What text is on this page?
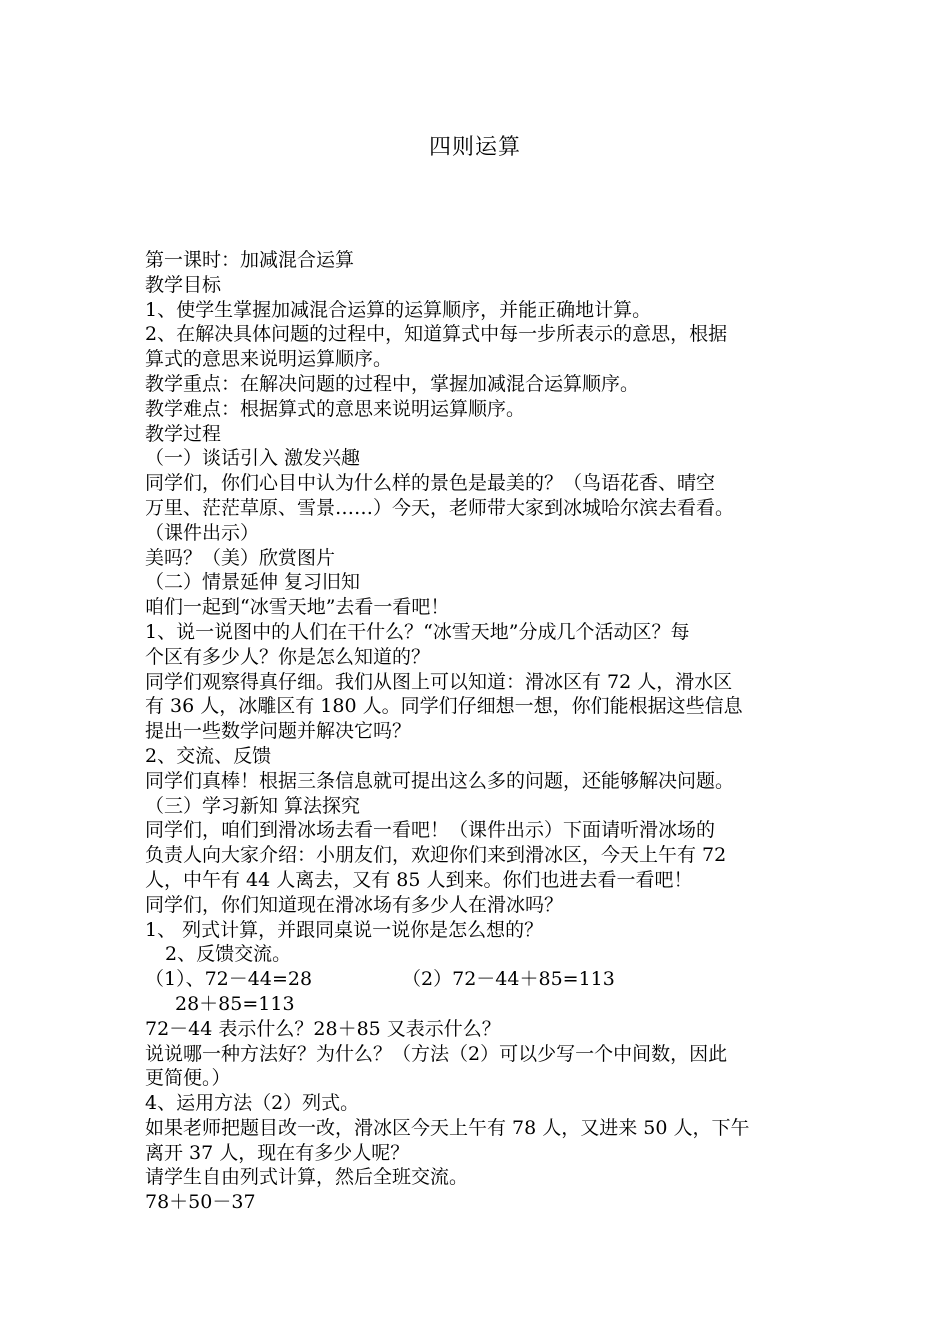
四则运算
第一课时：加减混合运算
教学目标
1、使学生掌握加减混合运算的运算顺序，并能正确地计算。
2、在解决具体问题的过程中，知道算式中每一步所表示的意思，根据
算式的意思来说明运算顺序。
教学重点：在解决问题的过程中，掌握加减混合运算顺序。
教学难点：根据算式的意思来说明运算顺序。
教学过程
（一）谈话引入 激发兴趣
同学们，你们心目中认为什么样的景色是最美的？（鸟语花香、晴空
万里、茫茫草原、雪景……）今天，老师带大家到冰城哈尔滨去看看。
（课件出示）
美吗？（美）欣赏图片
（二）情景延伸 复习旧知
咱们一起到“冰雪天地”去看一看吧！
1、说一说图中的人们在干什么？“冰雪天地”分成几个活动区？每
个区有多少人？你是怎么知道的？
同学们观察得真仔细。我们从图上可以知道：滑冰区有 72 人，滑水区
有 36 人，冰雕区有 180 人。同学们仔细想一想，你们能根据这些信息
提出一些数学问题并解决它吗？
2、交流、反馈
同学们真棒！根据三条信息就可提出这么多的问题，还能够解决问题。
（三）学习新知 算法探究
同学们，咱们到滑冰场去看一看吧！（课件出示）下面请听滑冰场的
负责人向大家介绍：小朋友们，欢迎你们来到滑冰区，今天上午有 72
人，中午有 44 人离去，又有 85 人到来。你们也进去看一看吧！
同学们，你们知道现在滑冰场有多少人在滑冰吗？
1、 列式计算，并跟同桌说一说你是怎么想的？
2、反馈交流。
（1）、72－44=28	（2）72－44＋85=113
28＋85=113
72－44 表示什么？28＋85 又表示什么？
说说哪一种方法好？为什么？（方法（2）可以少写一个中间数，因此
更简便。）
4、运用方法（2）列式。
如果老师把题目改一改，滑冰区今天上午有 78 人，又进来 50 人，下午
离开 37 人，现在有多少人呢？
请学生自由列式计算，然后全班交流。
78＋50－37
